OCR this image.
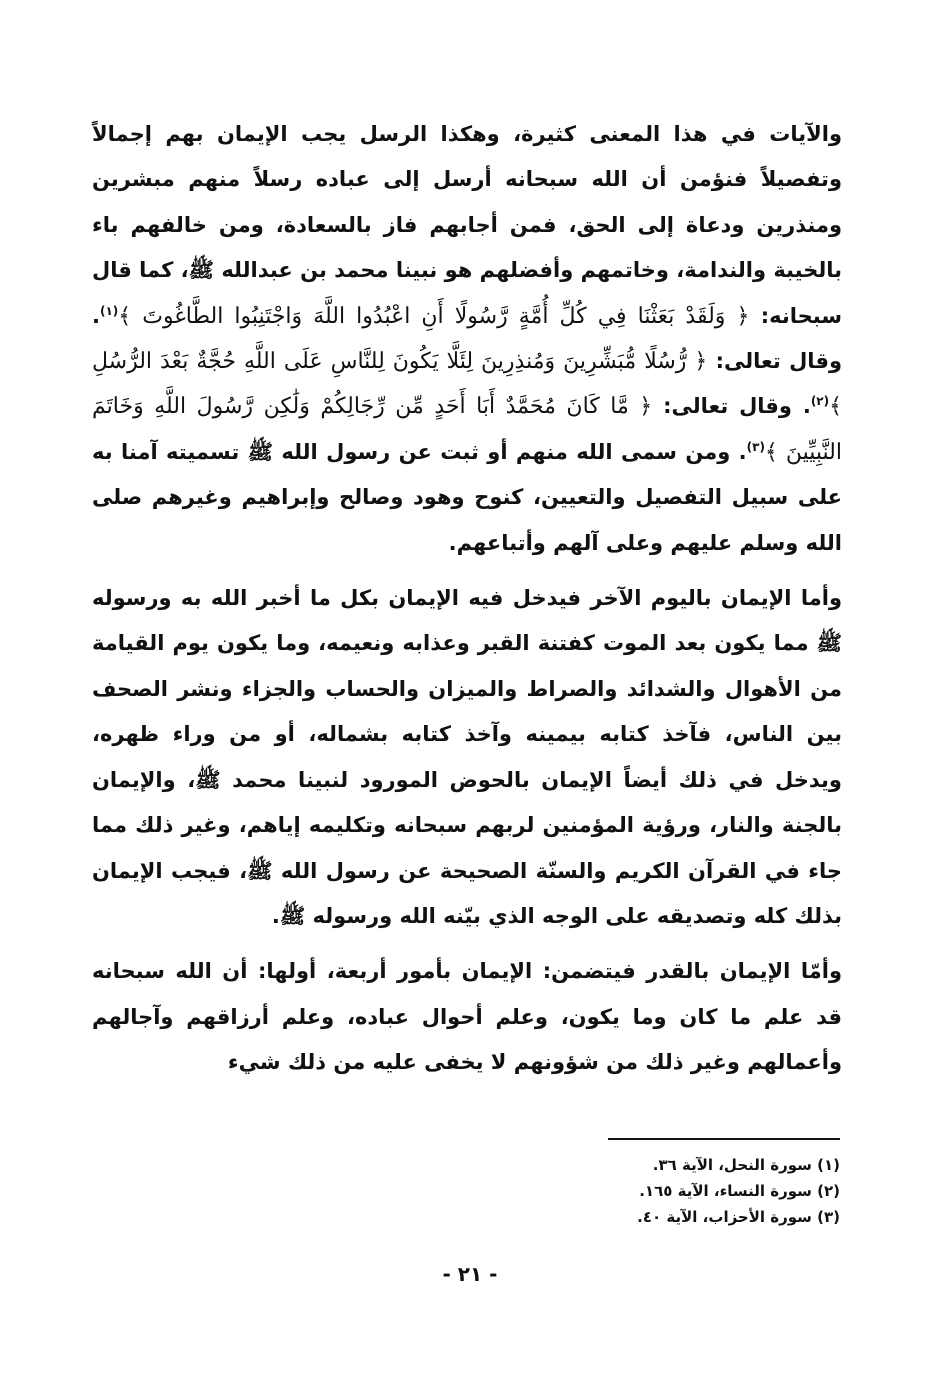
والآيات في هذا المعنى كثيرة، وهكذا الرسل يجب الإيمان بهم إجمالاً وتفصيلاً فنؤمن أن الله سبحانه أرسل إلى عباده رسلاً منهم مبشرين ومنذرين ودعاة إلى الحق، فمن أجابهم فاز بالسعادة، ومن خالفهم باء بالخيبة والندامة، وخاتمهم وأفضلهم هو نبينا محمد بن عبدالله ﷺ، كما قال سبحانه: ﴿ وَلَقَدْ بَعَثْنَا فِي كُلِّ أُمَّةٍ رَّسُولًا أَنِ اعْبُدُوا اللَّهَ وَاجْتَنِبُوا الطَّاغُوتَ ﴾$^{(١)}$. وقال تعالى: ﴿ رُّسُلًا مُّبَشِّرِينَ وَمُنذِرِينَ لِئَلَّا يَكُونَ لِلنَّاسِ عَلَى اللَّهِ حُجَّةٌ بَعْدَ الرُّسُلِ ﴾$^{(٢)}$. وقال تعالى: ﴿ مَّا كَانَ مُحَمَّدٌ أَبَا أَحَدٍ مِّن رِّجَالِكُمْ وَلَٰكِن رَّسُولَ اللَّهِ وَخَاتَمَ النَّبِيِّينَ ﴾$^{(٣)}$. ومن سمى الله منهم أو ثبت عن رسول الله ﷺ تسميته آمنا به على سبيل التفصيل والتعيين، كنوح وهود وصالح وإبراهيم وغيرهم صلى الله وسلم عليهم وعلى آلهم وأتباعهم.

وأما الإيمان باليوم الآخر فيدخل فيه الإيمان بكل ما أخبر الله به ورسوله ﷺ مما يكون بعد الموت كفتنة القبر وعذابه ونعيمه، وما يكون يوم القيامة من الأهوال والشدائد والصراط والميزان والحساب والجزاء ونشر الصحف بين الناس، فآخذ كتابه بيمينه وآخذ كتابه بشماله، أو من وراء ظهره، ويدخل في ذلك أيضاً الإيمان بالحوض المورود لنبينا محمد ﷺ، والإيمان بالجنة والنار، ورؤية المؤمنين لربهم سبحانه وتكليمه إياهم، وغير ذلك مما جاء في القرآن الكريم والسنّة الصحيحة عن رسول الله ﷺ، فيجب الإيمان بذلك كله وتصديقه على الوجه الذي بيّنه الله ورسوله ﷺ.

وأمّا الإيمان بالقدر فيتضمن: الإيمان بأمور أربعة، أولها: أن الله سبحانه قد علم ما كان وما يكون، وعلم أحوال عباده، وعلم أرزاقهم وآجالهم وأعمالهم وغير ذلك من شؤونهم لا يخفى عليه من ذلك شيء

(١) سورة النحل، الآية ٣٦.
(٢) سورة النساء، الآية ١٦٥.
(٣) سورة الأحزاب، الآية ٤٠.
- ٢١ -
